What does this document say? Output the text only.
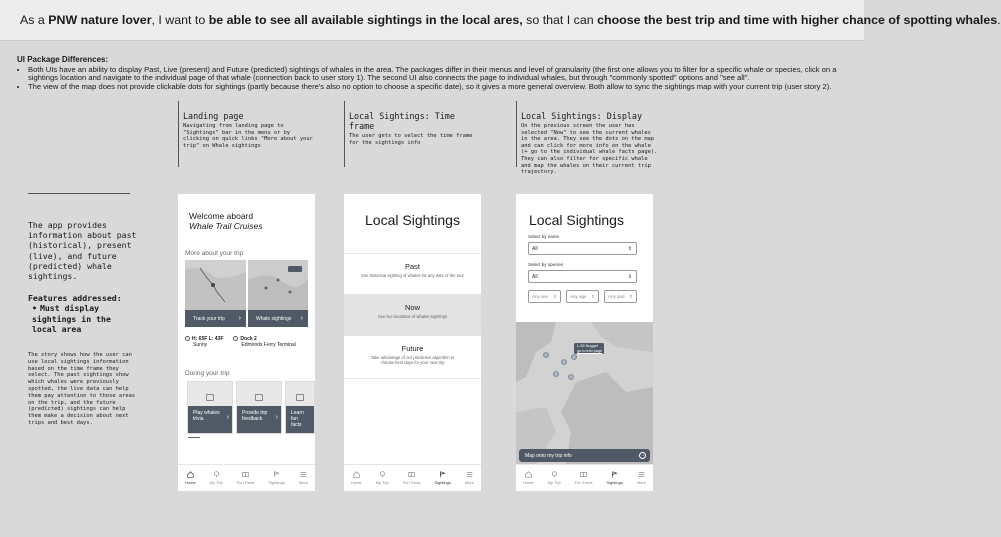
As a PNW nature lover, I want to be able to see all available sightings in the local ares, so that I can choose the best trip and time with higher chance of spotting whales.
UI Package Differences:
• Both UIs have an ability to display Past, Live (present) and Future (predicted) sightings of whales in the area. The packages differ in their menus and level of granularity (the first one allows you to filter for a specific whale or species, click on a sightings location and navigate to the individual page of that whale (connection back to user story 1). The second UI also connects the page to individual whales, but through "commonly spotted" options and "see all".
• The view of the map does not provide clickable dots for sightings (partly because there's also no option to choose a specific date), so it gives a more general overview. Both allow to sync the sightings map with your current trip (user story 2).
Landing page
Navigating from landing page to "Sightings" bar in the menu or by clicking on quick links "More about your trip" on Whale sightings
Local Sightings: Time frame
The user gets to select the time frame for the sightings info
Local Sightings: Display
On the previous screen the user has selected "Now" to see the current whales in the area. They see the dots on the map and can click for more info on the whale (+ go to the individual whale facts page). They can also filter for specific whale and map the whales on their current trip trajectory.
The app provides information about past (historical), present (live), and future (predicted) whale sightings.
Features addressed:
• Must display sightings in the local area
The story shows how the user can use local sightings information based on the time frame they select. The past sightings show which whales were previously spotted, the live data can help them pay attention to those areas on the trip, and the future (predicted) sightings can help them make a decision about next trips and best days.
Welcome aboard
Whale Trail Cruises
More about your trip
Track your trip ›	Whale sightings ›
H: 65F L: 43F
Sunny
Dock 2
Edmonds Ferry Terminal
During your trip
Play whales trivia	›
Provide trip feedback ›
Learn fun facts
Home	My Trip	Fun Facts	Sightings	More
Local Sightings
Past
See historical sighting of whales for any date of the tour
Now
See live locations of whales sightings
Future
Take advantage of our predictive algorithm to choose best days for your next trip
Home	My Trip	Fun Facts	Sightings	More
Local Sightings
Select by name
All	⇕
Select by species
All	⇕
Any sex ⇕	Any age ⇕	Any pod ⇕
L-55 Nugget
go to info page
Map onto my trip info	→
Home	My Trip	Fun Facts	Sightings	More
